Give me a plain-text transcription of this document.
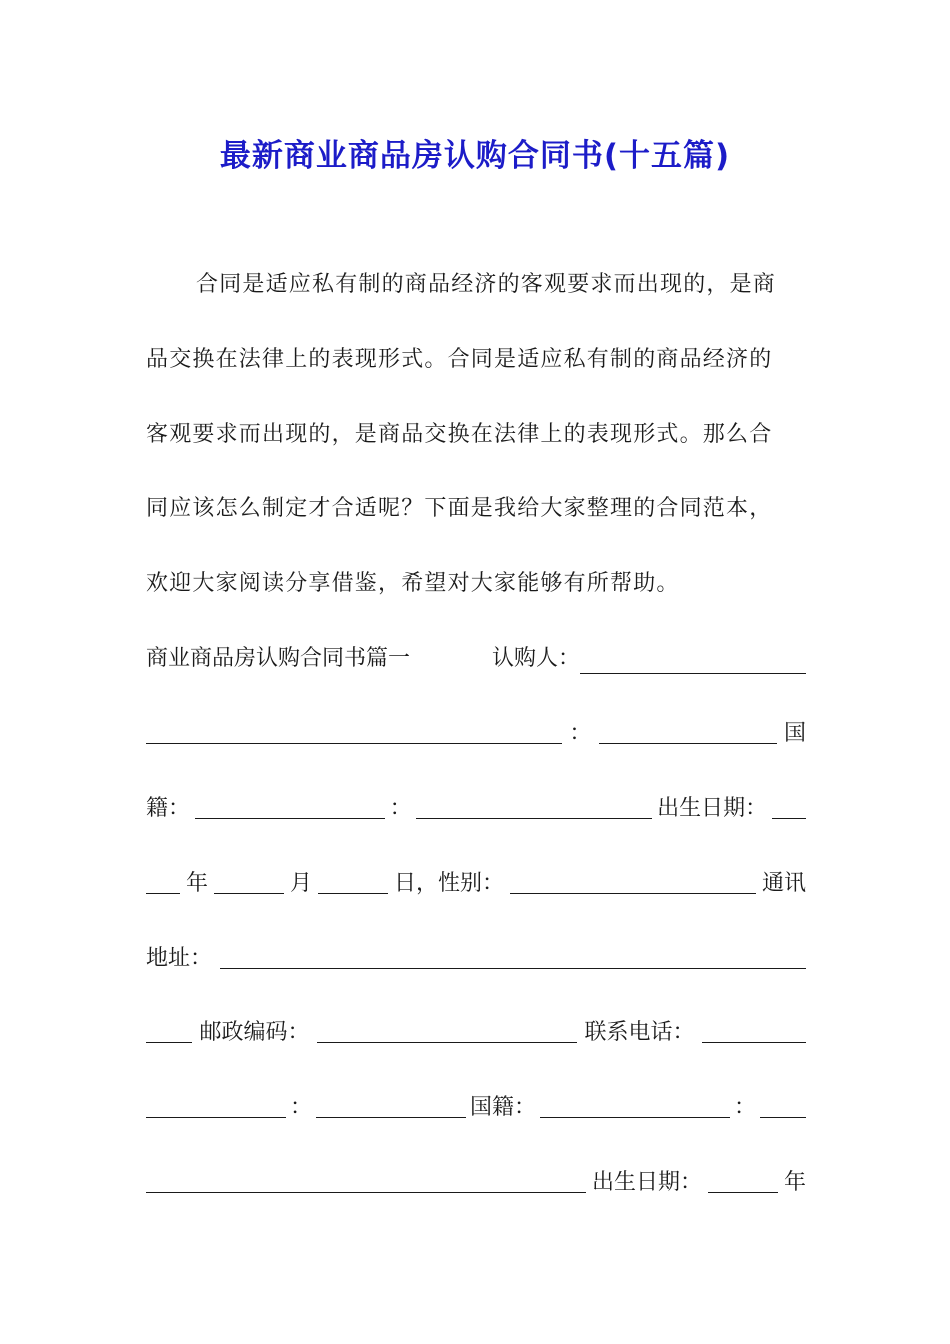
最新商业商品房认购合同书(十五篇)
合同是适应私有制的商品经济的客观要求而出现的，是商
品交换在法律上的表现形式。合同是适应私有制的商品经济的
客观要求而出现的，是商品交换在法律上的表现形式。那么合
同应该怎么制定才合适呢？下面是我给大家整理的合同范本，
欢迎大家阅读分享借鉴，希望对大家能够有所帮助。
商业商品房认购合同书篇一	认购人：
：	国
籍：	：	出生日期：
年	月	日，性别：	通讯
地址：
邮政编码：	联系电话：
：	国籍：	：
出生日期：	年
